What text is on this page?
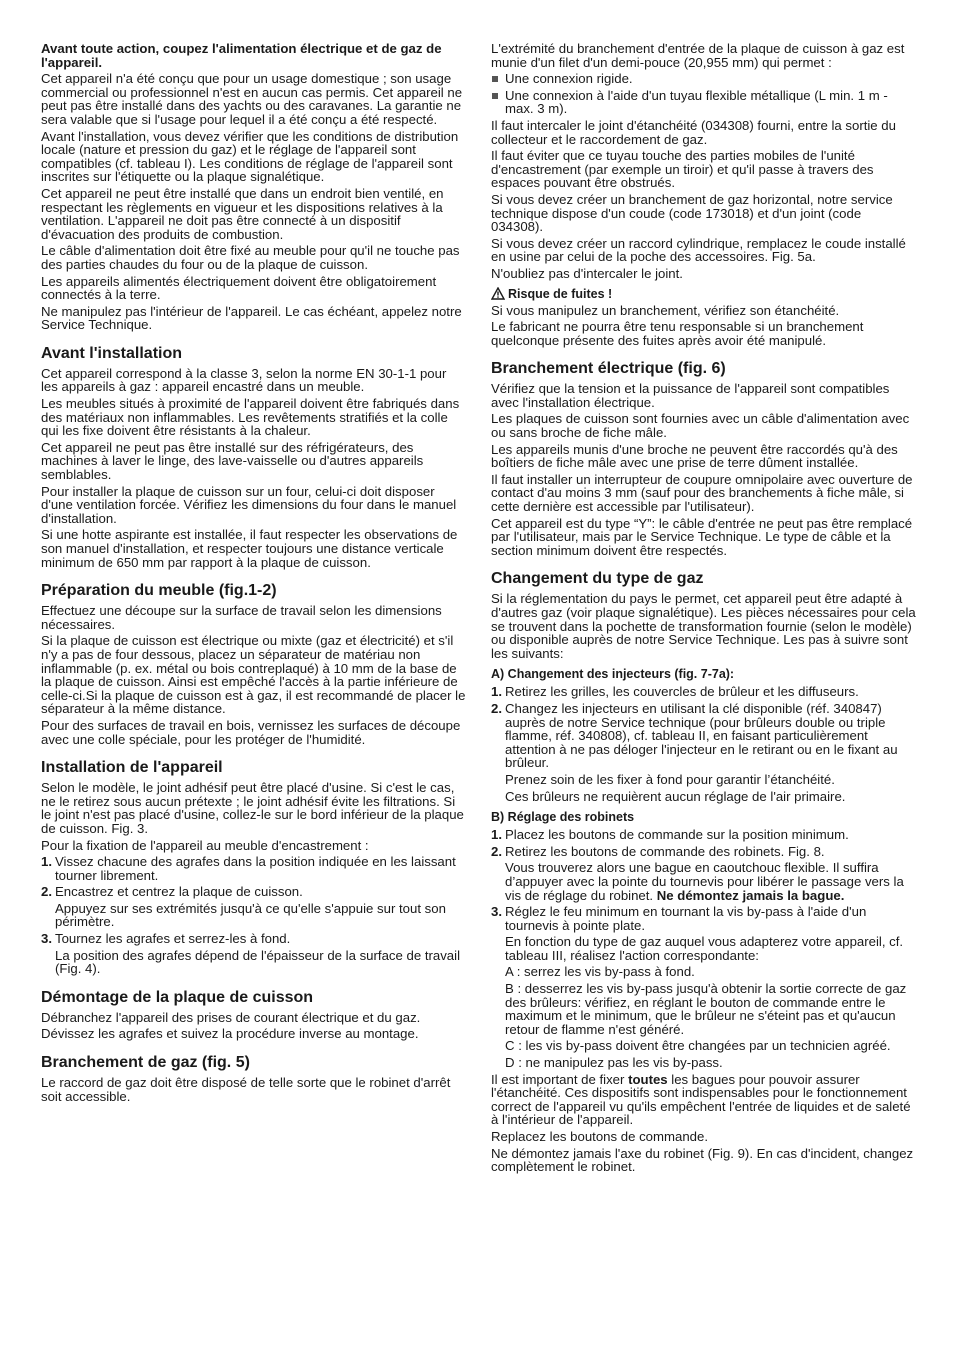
Avant toute action, coupez l'alimentation électrique et de gaz de l'appareil.

Cet appareil n'a été conçu que pour un usage domestique ; son usage commercial ou professionnel n'est en aucun cas permis. Cet appareil ne peut pas être installé dans des yachts ou des caravanes. La garantie ne sera valable que si l'usage pour lequel il a été conçu a été respecté.

Avant l'installation, vous devez vérifier que les conditions de distribution locale (nature et pression du gaz) et le réglage de l'appareil sont compatibles (cf. tableau I). Les conditions de réglage de l'appareil sont inscrites sur l'étiquette ou la plaque signalétique.

Cet appareil ne peut être installé que dans un endroit bien ventilé, en respectant les règlements en vigueur et les dispositions relatives à la ventilation. L'appareil ne doit pas être connecté à un dispositif d'évacuation des produits de combustion.

Le câble d'alimentation doit être fixé au meuble pour qu'il ne touche pas des parties chaudes du four ou de la plaque de cuisson.

Les appareils alimentés électriquement doivent être obligatoirement connectés à la terre.

Ne manipulez pas l'intérieur de l'appareil. Le cas échéant, appelez notre Service Technique.

Avant l'installation

Cet appareil correspond à la classe 3, selon la norme EN 30-1-1 pour les appareils à gaz : appareil encastré dans un meuble.

Les meubles situés à proximité de l'appareil doivent être fabriqués dans des matériaux non inflammables. Les revêtements stratifiés et la colle qui les fixe doivent être résistants à la chaleur.

Cet appareil ne peut pas être installé sur des réfrigérateurs, des machines à laver le linge, des lave-vaisselle ou d'autres appareils semblables.

Pour installer la plaque de cuisson sur un four, celui-ci doit disposer d'une ventilation forcée. Vérifiez les dimensions du four dans le manuel d'installation.

Si une hotte aspirante est installée, il faut respecter les observations de son manuel d'installation, et respecter toujours une distance verticale minimum de 650 mm par rapport à la plaque de cuisson.

Préparation du meuble (fig.1-2)

Effectuez une découpe sur la surface de travail selon les dimensions nécessaires.

Si la plaque de cuisson est électrique ou mixte (gaz et électricité) et s'il n'y a pas de four dessous, placez un séparateur de matériau non inflammable (p. ex. métal ou bois contreplaqué) à 10 mm de la base de la plaque de cuisson. Ainsi est empêché l'accès à la partie inférieure de celle-ci.Si la plaque de cuisson est à gaz, il est recommandé de placer le séparateur à la même distance.

Pour des surfaces de travail en bois, vernissez les surfaces de découpe avec une colle spéciale, pour les protéger de l'humidité.

Installation de l'appareil

Selon le modèle, le joint adhésif peut être placé d'usine. Si c'est le cas, ne le retirez sous aucun prétexte ; le joint adhésif évite les filtrations. Si le joint n'est pas placé d'usine, collez-le sur le bord inférieur de la plaque de cuisson. Fig. 3.

Pour la fixation de l'appareil au meuble d'encastrement :

1. Vissez chacune des agrafes dans la position indiquée en les laissant tourner librement.
2. Encastrez et centrez la plaque de cuisson.

Appuyez sur ses extrémités jusqu'à ce qu'elle s'appuie sur tout son périmètre.

3. Tournez les agrafes et serrez-les à fond.

La position des agrafes dépend de l'épaisseur de la surface de travail (Fig. 4).

Démontage de la plaque de cuisson

Débranchez l'appareil des prises de courant électrique et du gaz.

Dévissez les agrafes et suivez la procédure inverse au montage.

Branchement de gaz (fig. 5)

Le raccord de gaz doit être disposé de telle sorte que le robinet d'arrêt soit accessible.

L'extrémité du branchement d'entrée de la plaque de cuisson à gaz est munie d'un filet d'un demi-pouce (20,955 mm) qui permet :

Une connexion rigide.
Une connexion à l'aide d'un tuyau flexible métallique (L min. 1 m - max. 3 m).

Il faut intercaler le joint d'étanchéité (034308) fourni, entre la sortie du collecteur et le raccordement de gaz.

Il faut éviter que ce tuyau touche des parties mobiles de l'unité d'encastrement (par exemple un tiroir) et qu'il passe à travers des espaces pouvant être obstrués.

Si vous devez créer un branchement de gaz horizontal, notre service technique dispose d'un coude (code 173018) et d'un joint (code 034308).

Si vous devez créer un raccord cylindrique, remplacez le coude installé en usine par celui de la poche des accessoires. Fig. 5a.

N'oubliez pas d'intercaler le joint.

Risque de fuites !

Si vous manipulez un branchement, vérifiez son étanchéité.

Le fabricant ne pourra être tenu responsable si un branchement quelconque présente des fuites après avoir été manipulé.

Branchement électrique (fig. 6)

Vérifiez que la tension et la puissance de l'appareil sont compatibles avec l'installation électrique.

Les plaques de cuisson sont fournies avec un câble d'alimentation avec ou sans broche de fiche mâle.

Les appareils munis d'une broche ne peuvent être raccordés qu'à des boîtiers de fiche mâle avec une prise de terre dûment installée.

Il faut installer un interrupteur de coupure omnipolaire avec ouverture de contact d'au moins 3 mm (sauf pour des branchements à fiche mâle, si cette dernière est accessible par l'utilisateur).

Cet appareil est du type “Y”: le câble d'entrée ne peut pas être remplacé par l'utilisateur, mais par le Service Technique. Le type de câble et la section minimum doivent être respectés.

Changement du type de gaz

Si la réglementation du pays le permet, cet appareil peut être adapté à d'autres gaz (voir plaque signalétique). Les pièces nécessaires pour cela se trouvent dans la pochette de transformation fournie (selon le modèle) ou disponible auprès de notre Service Technique. Les pas à suivre sont les suivants:

A) Changement des injecteurs (fig. 7-7a):
1. Retirez les grilles, les couvercles de brûleur et les diffuseurs.
2. Changez les injecteurs en utilisant la clé disponible (réf. 340847) auprès de notre Service technique (pour brûleurs double ou triple flamme, réf. 340808), cf. tableau II, en faisant particulièrement attention à ne pas déloger l'injecteur en le retirant ou en le fixant au brûleur.

Prenez soin de les fixer à fond pour garantir l’étanchéité.

Ces brûleurs ne requièrent aucun réglage de l'air primaire.

B) Réglage des robinets
1. Placez les boutons de commande sur la position minimum.
2. Retirez les boutons de commande des robinets. Fig. 8.

Vous trouverez alors une bague en caoutchouc flexible. Il suffira d’appuyer avec la pointe du tournevis pour libérer le passage vers la vis de réglage du robinet. Ne démontez jamais la bague.

3. Réglez le feu minimum en tournant la vis by-pass à l'aide d'un tournevis à pointe plate.

En fonction du type de gaz auquel vous adapterez votre appareil, cf. tableau III, réalisez l'action correspondante:

A : serrez les vis by-pass à fond.

B : desserrez les vis by-pass jusqu'à obtenir la sortie correcte de gaz des brûleurs: vérifiez, en réglant le bouton de commande entre le maximum et le minimum, que le brûleur ne s'éteint pas et qu'aucun retour de flamme n'est généré.

C : les vis by-pass doivent être changées par un technicien agréé.

D : ne manipulez pas les vis by-pass.

Il est important de fixer toutes les bagues pour pouvoir assurer l'étanchéité. Ces dispositifs sont indispensables pour le fonctionnement correct de l'appareil vu qu'ils empêchent l'entrée de liquides et de saleté à l'intérieur de l'appareil.

Replacez les boutons de commande.

Ne démontez jamais l'axe du robinet (Fig. 9). En cas d'incident, changez complètement le robinet.
